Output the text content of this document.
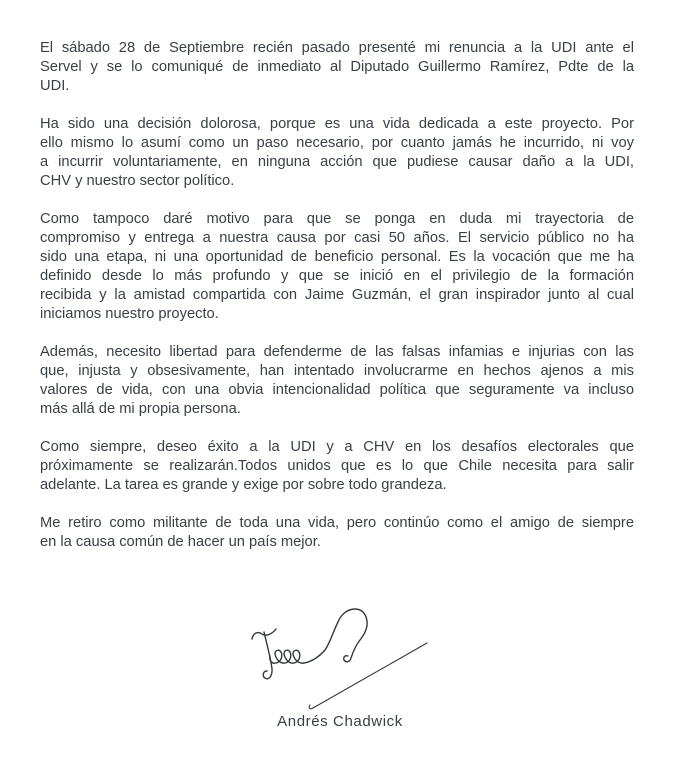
El sábado 28 de Septiembre recién pasado presenté mi renuncia a la UDI ante el
Servel y se lo comuniqué de inmediato al Diputado Guillermo Ramírez, Pdte de la
UDI.

Ha sido una decisión dolorosa, porque es una vida dedicada a este proyecto. Por
ello mismo lo asumí como un paso necesario, por cuanto jamás he incurrido, ni voy
a incurrir voluntariamente, en ninguna acción que pudiese causar daño a la UDI,
CHV y nuestro sector político.

Como tampoco daré motivo para que se ponga en duda mi trayectoria de
compromiso y entrega a nuestra causa por casi 50 años. El servicio público no ha
sido una etapa, ni una oportunidad de beneficio personal. Es la vocación que me ha
definido desde lo más profundo y que se inició en el privilegio de la formación
recibida y la amistad compartida con Jaime Guzmán, el gran inspirador junto al cual
iniciamos nuestro proyecto.

Además, necesito libertad para defenderme de las falsas infamias e injurias con las
que, injusta y obsesivamente, han intentado involucrarme en hechos ajenos a mis
valores de vida, con una obvia intencionalidad política que seguramente va incluso
más allá de mi propia persona.

Como siempre, deseo éxito a la UDI y a CHV en los desafíos electorales que
próximamente se realizarán.Todos unidos que es lo que Chile necesita para salir
adelante. La tarea es grande y exige por sobre todo grandeza.

Me retiro como militante de toda una vida, pero continúo como el amigo de siempre
en la causa común de hacer un país mejor.

Andrés Chadwick
